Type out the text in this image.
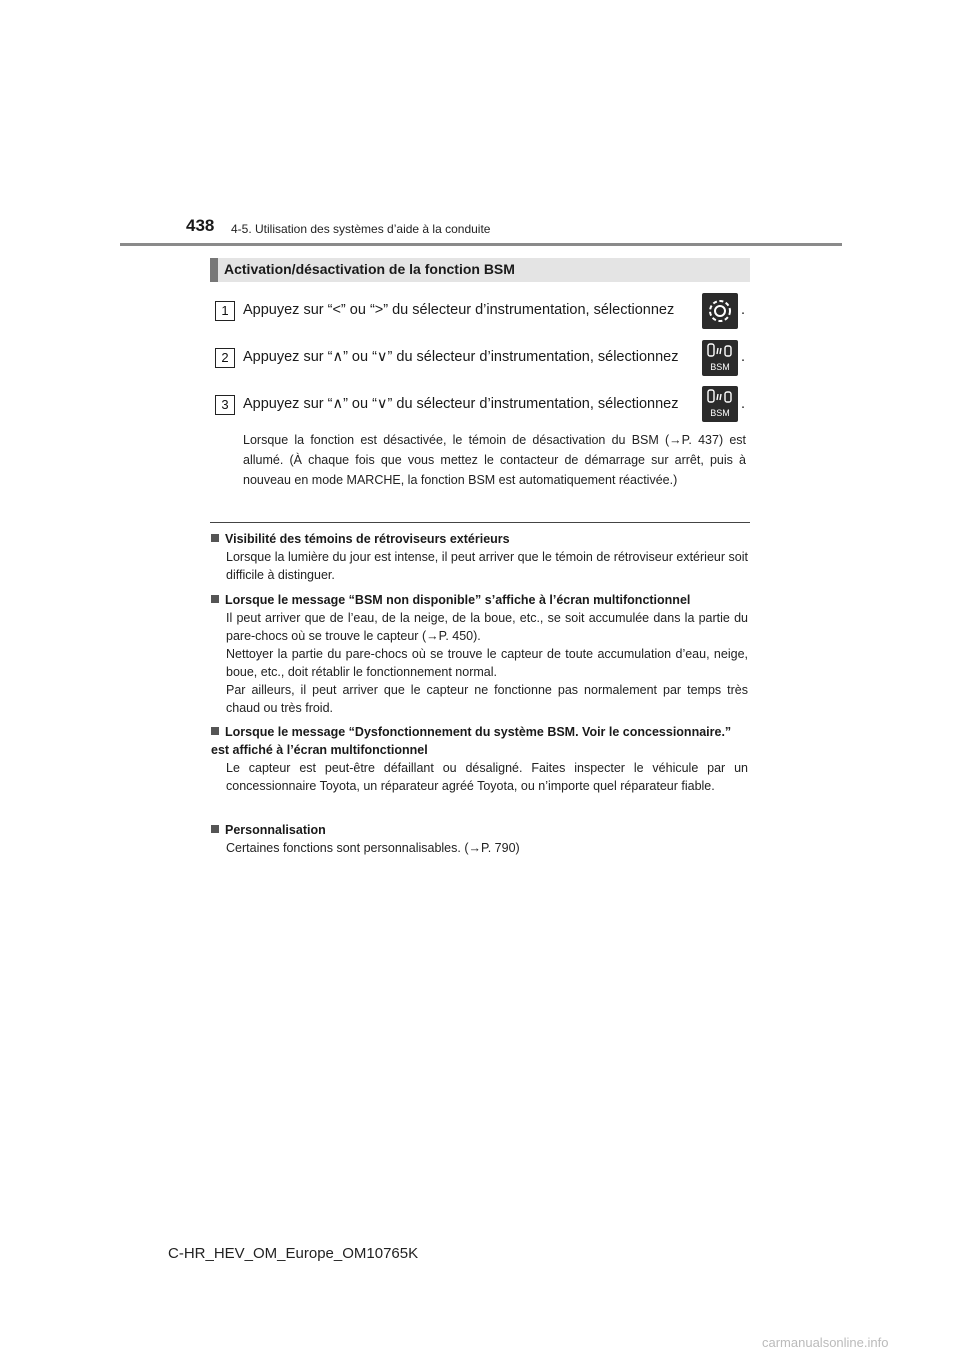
438 4-5. Utilisation des systèmes d’aide à la conduite
Activation/désactivation de la fonction BSM
1 Appuyez sur “<” ou “>” du sélecteur d’instrumentation, sélectionnez	.
2 Appuyez sur “∧” ou “∨” du sélecteur d’instrumentation, sélectionnez
BSM
.
3 Appuyez sur “∧” ou “∨” du sélecteur d’instrumentation, sélectionnez
BSM
.

Lorsque la fonction est désactivée, le témoin de désactivation du BSM (→P. 437) est allumé. (À chaque fois que vous mettez le contacteur de démarrage sur arrêt, puis à nouveau en mode MARCHE, la fonction BSM est automatiquement réactivée.)

Visibilité des témoins de rétroviseurs extérieurs
Lorsque la lumière du jour est intense, il peut arriver que le témoin de rétroviseur extérieur soit difficile à distinguer.
Lorsque le message “BSM non disponible” s’affiche à l’écran multifonctionnel
Il peut arriver que de l’eau, de la neige, de la boue, etc., se soit accumulée dans la partie du pare-chocs où se trouve le capteur (→P. 450).
Nettoyer la partie du pare-chocs où se trouve le capteur de toute accumulation d’eau, neige, boue, etc., doit rétablir le fonctionnement normal.
Par ailleurs, il peut arriver que le capteur ne fonctionne pas normalement par temps très chaud ou très froid.
Lorsque le message “Dysfonctionnement du système BSM. Voir le concessionnaire.” est affiché à l’écran multifonctionnel
Le capteur est peut-être défaillant ou désaligné. Faites inspecter le véhicule par un concessionnaire Toyota, un réparateur agréé Toyota, ou n’importe quel réparateur fiable.
Personnalisation
Certaines fonctions sont personnalisables. (→P. 790)
C-HR_HEV_OM_Europe_OM10765K
carmanualsonline.info
